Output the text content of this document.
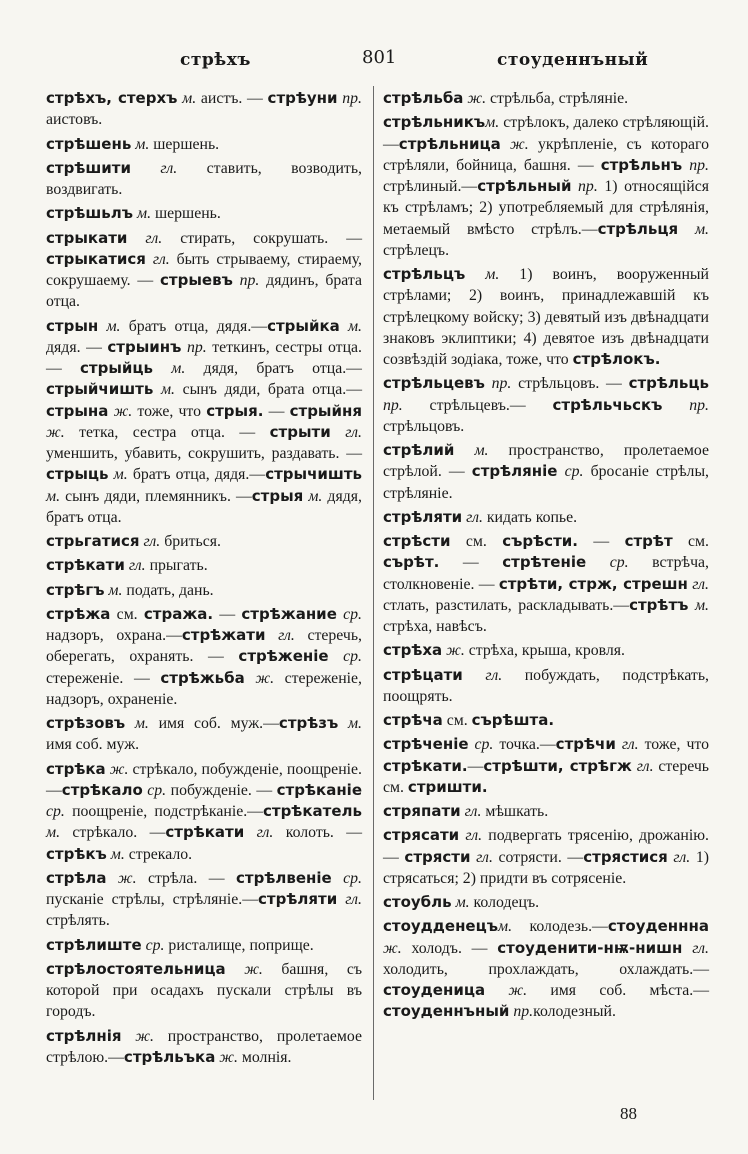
стрѣхъ	801	стоуденнъный

стрѣхъ, стерхъ м. аистъ. — стрѣуни пр. аистовъ.

стрѣшень м. шершень.

стрѣшити гл. ставить, возводить, воздвигать.

стрѣшьлъ м. шершень.

стрыкати гл. стирать, сокрушать. — стрыкатися гл. быть стрываему, стираему, сокрушаему. — стрыевъ пр. дядинъ, брата отца.

стрын м. братъ отца, дядя.—стрыйка м. дядя. — стрыинъ пр. теткинъ, сестры отца. — стрыйць м. дядя, братъ отца.—стрыйчишть м. сынъ дяди, брата отца.—стрына ж. тоже, что стрыя. — стрыйня ж. тетка, сестра отца. — стрыти гл. уменшить, убавить, сокрушить, раздавать. — стрыць м. братъ отца, дядя.—стрычишть м. сынъ дяди, племянникъ. —стрыя м. дядя, братъ отца.

стрьгатися гл. бриться.

стрѣкати гл. прыгать.

стрѣгъ м. подать, дань.

стрѣжа см. стража. — стрѣжание ср. надзоръ, охрана.—стрѣжати гл. стеречь, оберегать, охранять. — стрѣженіе ср. стереженіе. — стрѣжьба ж. стереженіе, надзоръ, охраненіе.

стрѣзовъ м. имя соб. муж.—стрѣзъ м. имя соб. муж.

стрѣка ж. стрѣкало, побужденіе, поощреніе.—стрѣкало ср. побужденіе. — стрѣканіе ср. поощреніе, подстрѣканіе.—стрѣкатель м. стрѣкало. —стрѣкати гл. колоть. — стрѣкъ м. стрекало.

стрѣла ж. стрѣла. — стрѣлвеніе ср. пусканіе стрѣлы, стрѣляніе.—стрѣляти гл. стрѣлять.

стрѣлиште ср. ристалище, поприще.

стрѣлостоятельница ж. башня, съ которой при осадахъ пускали стрѣлы въ городъ.

стрѣлнія ж. пространство, пролетаемое стрѣлою.—стрѣльъка ж. молнія.

стрѣльба ж. стрѣльба, стрѣляніе.

стрѣльникъм. стрѣлокъ, далеко стрѣляющій.—стрѣльница ж. укрѣпленіе, съ котораго стрѣляли, бойница, башня. — стрѣльнъ пр. стрѣлиный.—стрѣльный пр. 1) относящійся къ стрѣламъ; 2) употребляемый для стрѣлянія, метаемый вмѣсто стрѣлъ.—стрѣльця м. стрѣлецъ.

стрѣльцъ м. 1) воинъ, вооруженный стрѣлами; 2) воинъ, принадлежавшій къ стрѣлецкому войску; 3) девятый изъ двѣнадцати знаковъ эклиптики; 4) девятое изъ двѣнадцати созвѣздій зодіака, тоже, что стрѣлокъ.

стрѣльцевъ пр. стрѣльцовъ. — стрѣльць пр. стрѣльцевъ.— стрѣльчьскъ пр. стрѣльцовъ.

стрѣлий м. пространство, пролетаемое стрѣлой. — стрѣляніе ср. бросаніе стрѣлы, стрѣляніе.

стрѣляти гл. кидать копье.

стрѣсти см. сърѣсти. — стрѣт см. сърѣт. — стрѣтеніе ср. встрѣча, столкновеніе. — стрѣти, стрж, стрешн гл. стлать, разстилать, раскладывать.—стрѣтъ м. стрѣха, навѣсъ.

стрѣха ж. стрѣха, крыша, кровля.

стрѣцати гл. побуждать, подстрѣкать, поощрять.

стрѣча см. сърѣшта.

стрѣченіе ср. точка.—стрѣчи гл. тоже, что стрѣкати.—стрѣшти, стрѣгж гл. стеречь см. стришти.

стряпати гл. мѣшкать.

стрясати гл. подвергать трясенію, дрожанію. — стрясти гл. сотрясти. —стрястися гл. 1) стрясаться; 2) придти въ сотрясеніе.

стоубль м. колодецъ.

стоудденецъм. колодезь.—стоуденнна ж. холодъ. — стоуденити-нѭ-нишн гл. холодить, прохлаждать, охлаждать.—стоуденица ж. имя соб. мѣста.—стоуденнъный пр.колодезный.

88
